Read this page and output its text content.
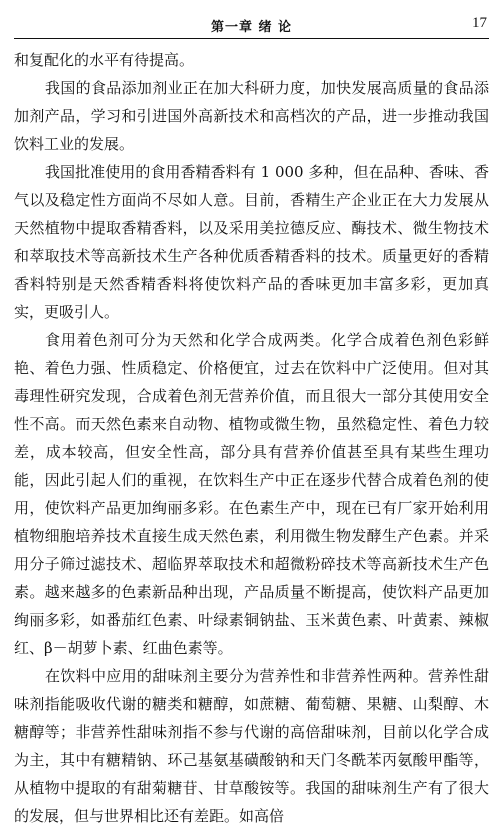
第一章 绪 论	17

和复配化的水平有待提高。

我国的食品添加剂业正在加大科研力度，加快发展高质量的食品添加剂产品，学习和引进国外高新技术和高档次的产品，进一步推动我国饮料工业的发展。

我国批准使用的食用香精香料有 1 000 多种，但在品种、香味、香气以及稳定性方面尚不尽如人意。目前，香精生产企业正在大力发展从天然植物中提取香精香料，以及采用美拉德反应、酶技术、微生物技术和萃取技术等高新技术生产各种优质香精香料的技术。质量更好的香精香料特别是天然香精香料将使饮料产品的香味更加丰富多彩，更加真实，更吸引人。

食用着色剂可分为天然和化学合成两类。化学合成着色剂色彩鲜艳、着色力强、性质稳定、价格便宜，过去在饮料中广泛使用。但对其毒理性研究发现，合成着色剂无营养价值，而且很大一部分其使用安全性不高。而天然色素来自动物、植物或微生物，虽然稳定性、着色力较差，成本较高，但安全性高，部分具有营养价值甚至具有某些生理功能，因此引起人们的重视，在饮料生产中正在逐步代替合成着色剂的使用，使饮料产品更加绚丽多彩。在色素生产中，现在已有厂家开始利用植物细胞培养技术直接生成天然色素，利用微生物发酵生产色素。并采用分子筛过滤技术、超临界萃取技术和超微粉碎技术等高新技术生产色素。越来越多的色素新品种出现，产品质量不断提高，使饮料产品更加绚丽多彩，如番茄红色素、叶绿素铜钠盐、玉米黄色素、叶黄素、辣椒红、β－胡萝卜素、红曲色素等。

在饮料中应用的甜味剂主要分为营养性和非营养性两种。营养性甜味剂指能吸收代谢的糖类和糖醇，如蔗糖、葡萄糖、果糖、山梨醇、木糖醇等；非营养性甜味剂指不参与代谢的高倍甜味剂，目前以化学合成为主，其中有糖精钠、环己基氨基磺酸钠和天门冬酰苯丙氨酸甲酯等，从植物中提取的有甜菊糖苷、甘草酸铵等。我国的甜味剂生产有了很大的发展，但与世界相比还有差距。如高倍
